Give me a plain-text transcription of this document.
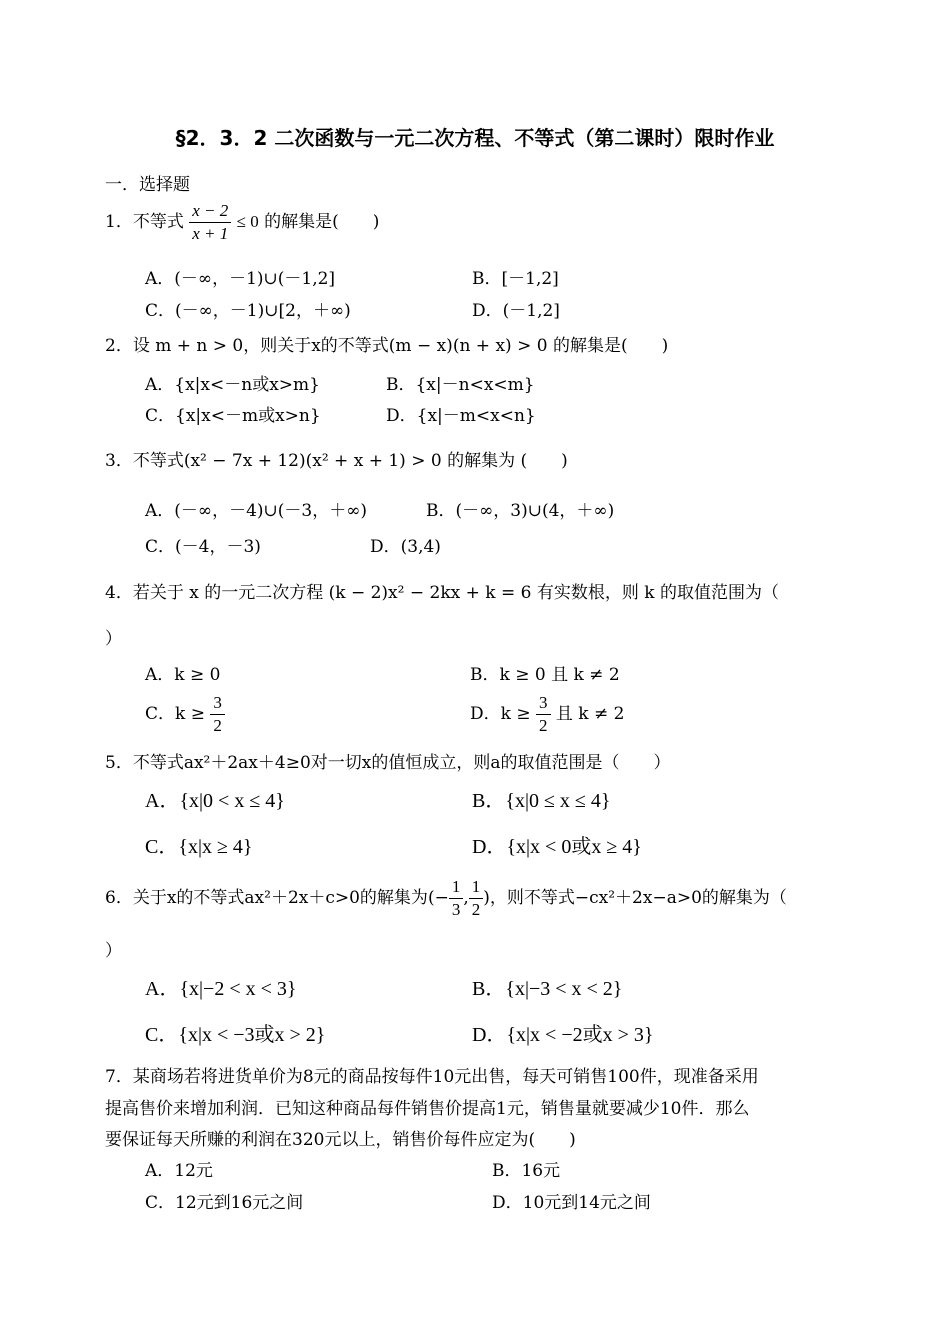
§2．3．2 二次函数与一元二次方程、不等式（第二课时）限时作业
一．选择题
1．不等式 $\frac{x - 2}{x + 1} \le 0$ 的解集是(　　)
A．(－∞，－1)∪(－1,2]	B．[－1,2]
C．(－∞，－1)∪[2，＋∞)	D．(－1,2]
2．设 m + n > 0，则关于x的不等式(m − x)(n + x) > 0 的解集是(　　)
A．{x|x<－n或x>m}	B．{x|－n<x<m}
C．{x|x<－m或x>n}	D．{x|－m<x<n}
3．不等式(x² − 7x + 12)(x² + x + 1) > 0 的解集为 (　　)
A．(－∞，－4)∪(－3，＋∞)	B．(－∞，3)∪(4，＋∞)
C．(－4，－3)	D．(3,4)
4．若关于 x 的一元二次方程 (k − 2)x² − 2kx + k = 6 有实数根，则 k 的取值范围为（
）
A．k ≥ 0	B．k ≥ 0 且 k ≠ 2
C．$k \ge \frac{3}{2}$	D．$k \ge \frac{3}{2}$ 且 k ≠ 2
5．不等式ax²＋2ax＋4≥0对一切x的值恒成立，则a的取值范围是（　　）
A．{x|0 < x ≤ 4}	B．{x|0 ≤ x ≤ 4}
C．{x|x ≥ 4}	D．{x|x < 0或x ≥ 4}
6．关于x的不等式ax²＋2x＋c>0的解集为(− $\frac{1}{3}$ , $\frac{1}{2}$ )，则不等式−cx²＋2x−a>0的解集为（
）
A．{x|−2 < x < 3}	B．{x|−3 < x < 2}
C．{x|x < −3或x > 2}	D．{x|x < −2或x > 3}
7．某商场若将进货单价为8元的商品按每件10元出售，每天可销售100件，现准备采用
提高售价来增加利润．已知这种商品每件销售价提高1元，销售量就要减少10件．那么
要保证每天所赚的利润在320元以上，销售价每件应定为(　　)
A．12元	B．16元
C．12元到16元之间	D．10元到14元之间
